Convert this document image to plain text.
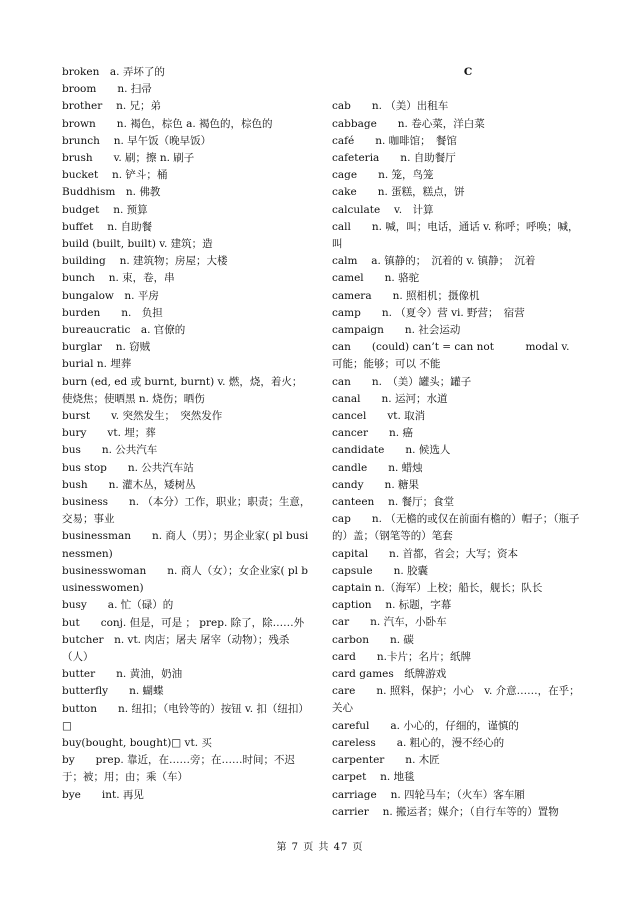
broken　a. 弄坏了的

broom　　n. 扫帚

brother　 n. 兄；弟

brown　　n. 褐色，棕色 a. 褐色的，棕色的

brunch　 n. 早午饭（晚早饭）

brush　　v. 刷；擦 n. 刷子

bucket　 n. 铲斗；桶

Buddhism　n. 佛教

budget　 n. 预算

buffet　 n. 自助餐

build (built, built) v. 建筑；造

building　 n. 建筑物；房屋；大楼

bunch　 n. 束，卷，串

bungalow　n. 平房

burden　　n.　负担

bureaucratic　a. 官僚的

burglar　 n. 窃贼

burial n. 埋葬

burn (ed, ed 或 burnt, burnt) v. 燃，烧，着火；使烧焦；使晒黑 n. 烧伤；晒伤

burst　　v. 突然发生；　突然发作

bury　　vt. 埋；葬

bus　　n. 公共汽车

bus stop　　n. 公共汽车站

bush　　n. 灌木丛，矮树丛

business　　n. （本分）工作，职业；职责；生意，交易；事业

businessman　　n. 商人（男）；男企业家( pl businessmen)

businesswoman　　n. 商人（女）；女企业家( pl businesswomen)

busy　　a. 忙（碌）的

but　　conj. 但是，可是 ； prep. 除了，除……外

butcher　n. vt. 肉店；屠夫 屠宰（动物）；残杀（人）

butter　　n. 黄油，奶油

butterfly　　n. 蝴蝶

button　　n. 纽扣；（电铃等的）按钮 v. 扣（纽扣）□

buy(bought, bought)□ vt. 买

by　　prep. 靠近，在……旁；在……时间；不迟于；被；用；由；乘（车）

bye　　int. 再见

C

cab　　n. （美）出租车

cabbage　　n. 卷心菜，洋白菜

café　　n. 咖啡馆；　餐馆

cafeteria　　n. 自助餐厅

cage　　n. 笼，鸟笼

cake　　n. 蛋糕，糕点，饼

calculate　 v.　计算

call　　n. 喊，叫；电话，通话 v. 称呼；呼唤；喊，叫

calm　 a. 镇静的；　沉着的 v. 镇静；　沉着

camel　　n. 骆驼

camera　　n. 照相机；摄像机

camp　　n. （夏令）营 vi. 野营；　宿营

campaign　　n. 社会运动

can　　(could) can’t = can not　　　modal v. 可能；能够；可以 不能

can　　n.　（美）罐头；罐子

canal　　n. 运河；水道

cancel　　vt. 取消

cancer　　n. 癌

candidate　　n. 候选人

candle　　n. 蜡烛

candy　　n. 糖果

canteen　 n. 餐厅；食堂

cap　　n. （无檐的或仅在前面有檐的）帽子；（瓶子的）盖；（钢笔等的）笔套

capital　　n. 首都，省会；大写；资本

capsule　　n. 胶囊

captain n.（海军）上校；船长，舰长；队长

caption　 n. 标题，字幕

car　　n. 汽车，小卧车

carbon　　n. 碳

card　　n.卡片；名片；纸牌

card games　纸牌游戏

care　　n. 照料，保护；小心　v. 介意……，在乎；关心

careful　　a. 小心的，仔细的，谨慎的

careless　　a. 粗心的，漫不经心的

carpenter　　n. 木匠

carpet　 n. 地毯

carriage　 n. 四轮马车；（火车）客车厢

carrier　 n. 搬运者；媒介；（自行车等的）置物

第 7 页 共 47 页
